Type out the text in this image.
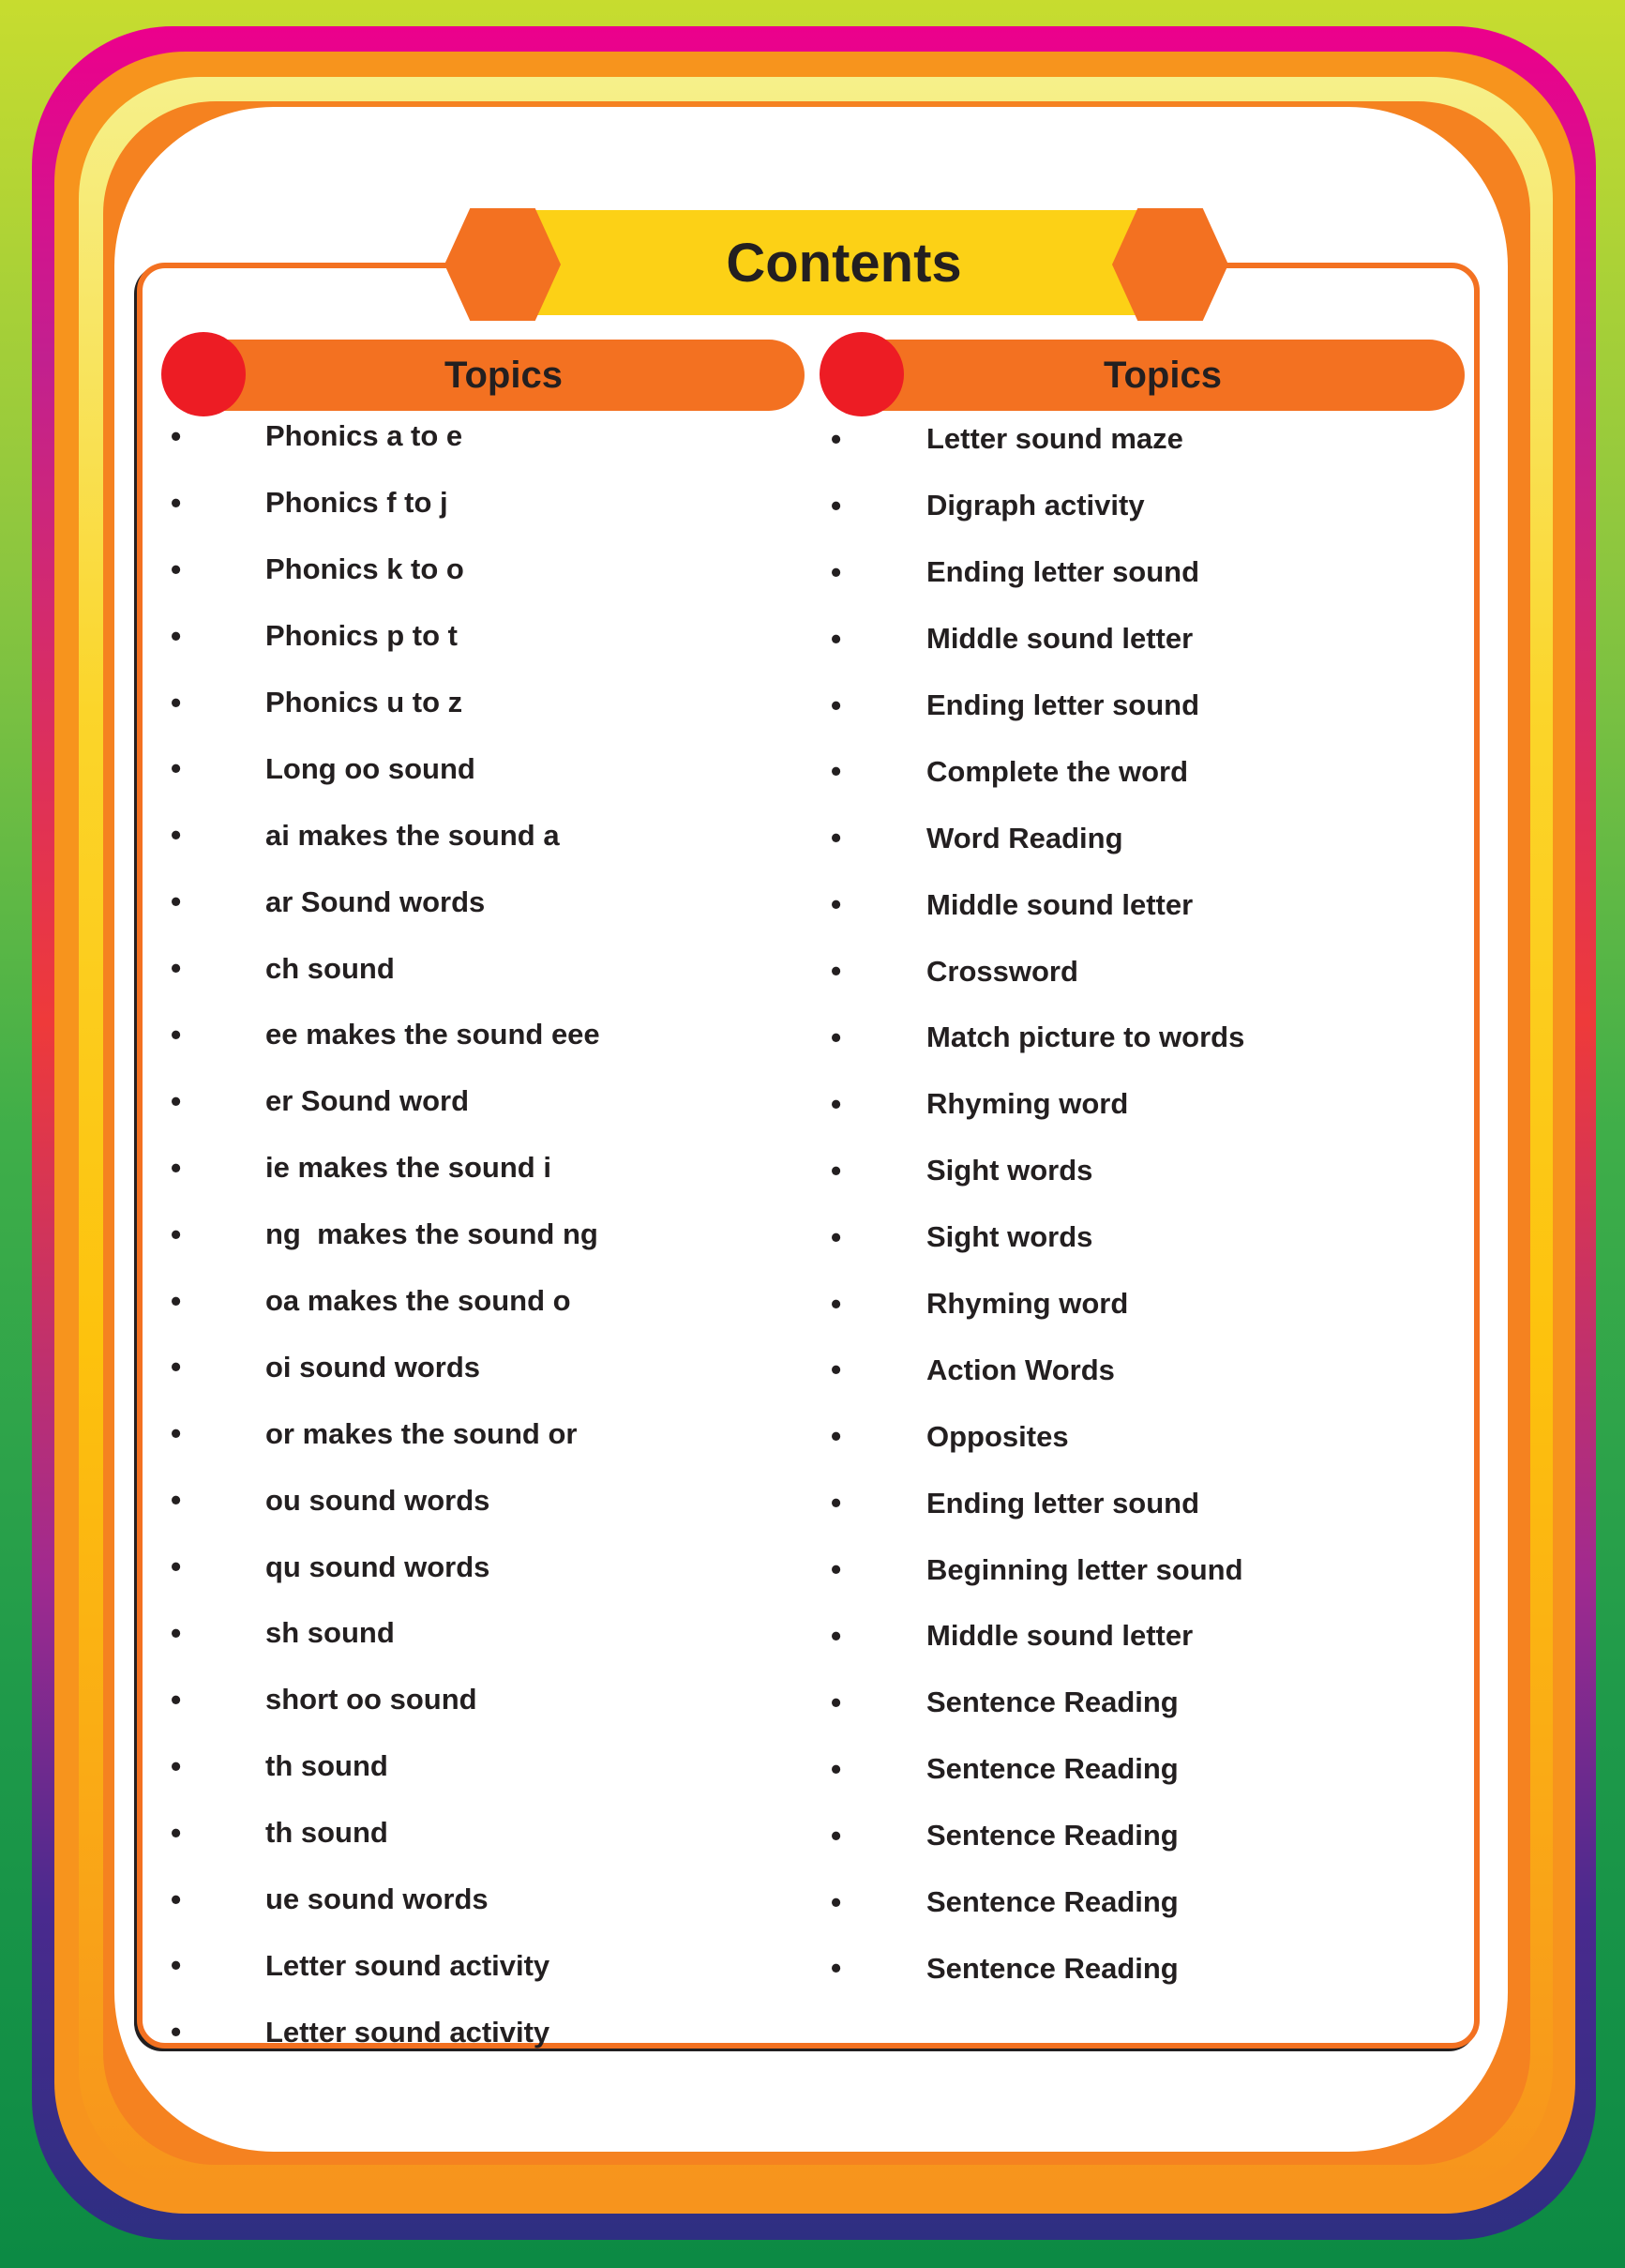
Contents
Topics	Topics
•	Phonics a to e
•	Phonics f to j
•	Phonics k to o
•	Phonics p to t
•	Phonics u to z
•	Long oo sound
•	ai makes the sound a
•	ar Sound words
•	ch sound
•	ee makes the sound eee
•	er Sound word
•	ie makes the sound i
•	ng  makes the sound ng
•	oa makes the sound o
•	oi sound words
•	or makes the sound or
•	ou sound words
•	qu sound words
•	sh sound
•	short oo sound
•	th sound
•	th sound
•	ue sound words
•	Letter sound activity
•	Letter sound activity
•	Letter sound maze
•	Digraph activity
•	Ending letter sound
•	Middle sound letter
•	Ending letter sound
•	Complete the word
•	Word Reading
•	Middle sound letter
•	Crossword
•	Match picture to words
•	Rhyming word
•	Sight words
•	Sight words
•	Rhyming word
•	Action Words
•	Opposites
•	Ending letter sound
•	Beginning letter sound
•	Middle sound letter
•	Sentence Reading
•	Sentence Reading
•	Sentence Reading
•	Sentence Reading
•	Sentence Reading
